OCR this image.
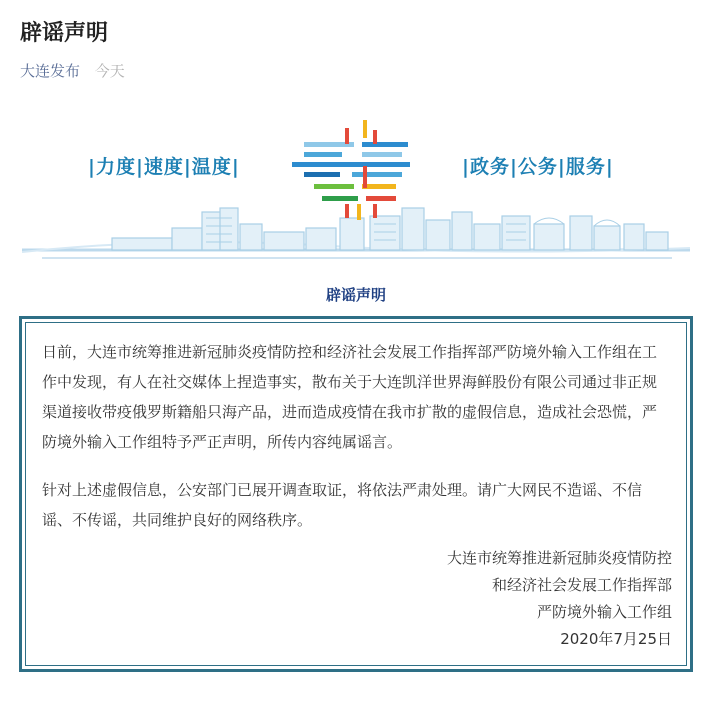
辟谣声明
大连发布 今天
|力度|速度|温度|	|政务|公务|服务|
辟谣声明

日前，大连市统筹推进新冠肺炎疫情防控和经济社会发展工作指挥部严防境外输入工作组在工作中发现，有人在社交媒体上捏造事实，散布关于大连凯洋世界海鲜股份有限公司通过非正规渠道接收带疫俄罗斯籍船只海产品，进而造成疫情在我市扩散的虚假信息，造成社会恐慌，严防境外输入工作组特予严正声明，所传内容纯属谣言。

针对上述虚假信息，公安部门已展开调查取证，将依法严肃处理。请广大网民不造谣、不信谣、不传谣，共同维护良好的网络秩序。

大连市统筹推进新冠肺炎疫情防控
和经济社会发展工作指挥部
严防境外输入工作组
2020年7月25日
